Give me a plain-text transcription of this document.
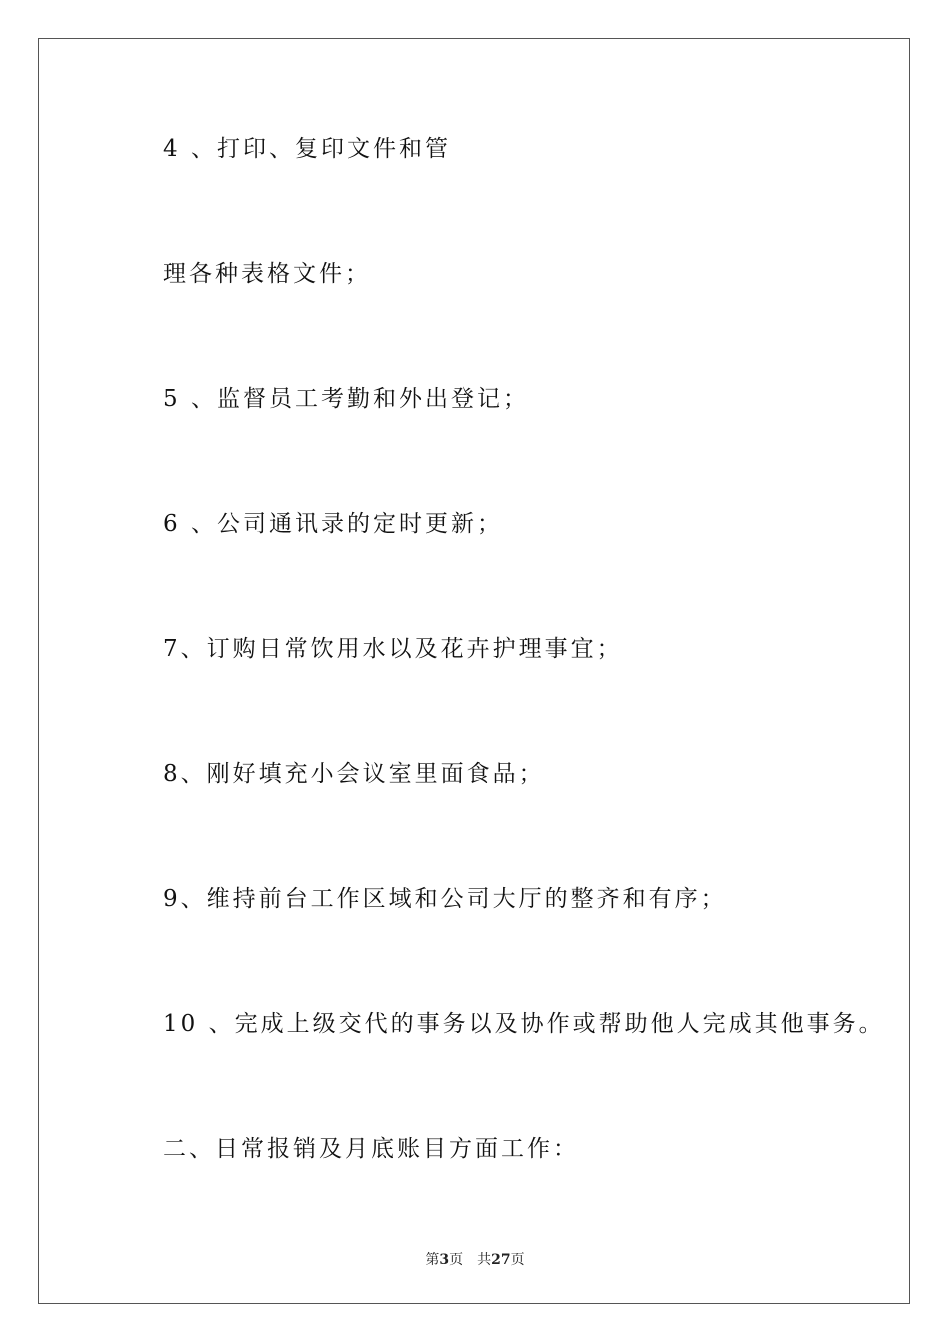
4 、打印、复印文件和管
理各种表格文件；
5 、监督员工考勤和外出登记；
6 、公司通讯录的定时更新；
7、订购日常饮用水以及花卉护理事宜；
8、刚好填充小会议室里面食品；
9、维持前台工作区域和公司大厅的整齐和有序；
10 、完成上级交代的事务以及协作或帮助他人完成其他事务。
二、日常报销及月底账目方面工作：
第3页 共27页
